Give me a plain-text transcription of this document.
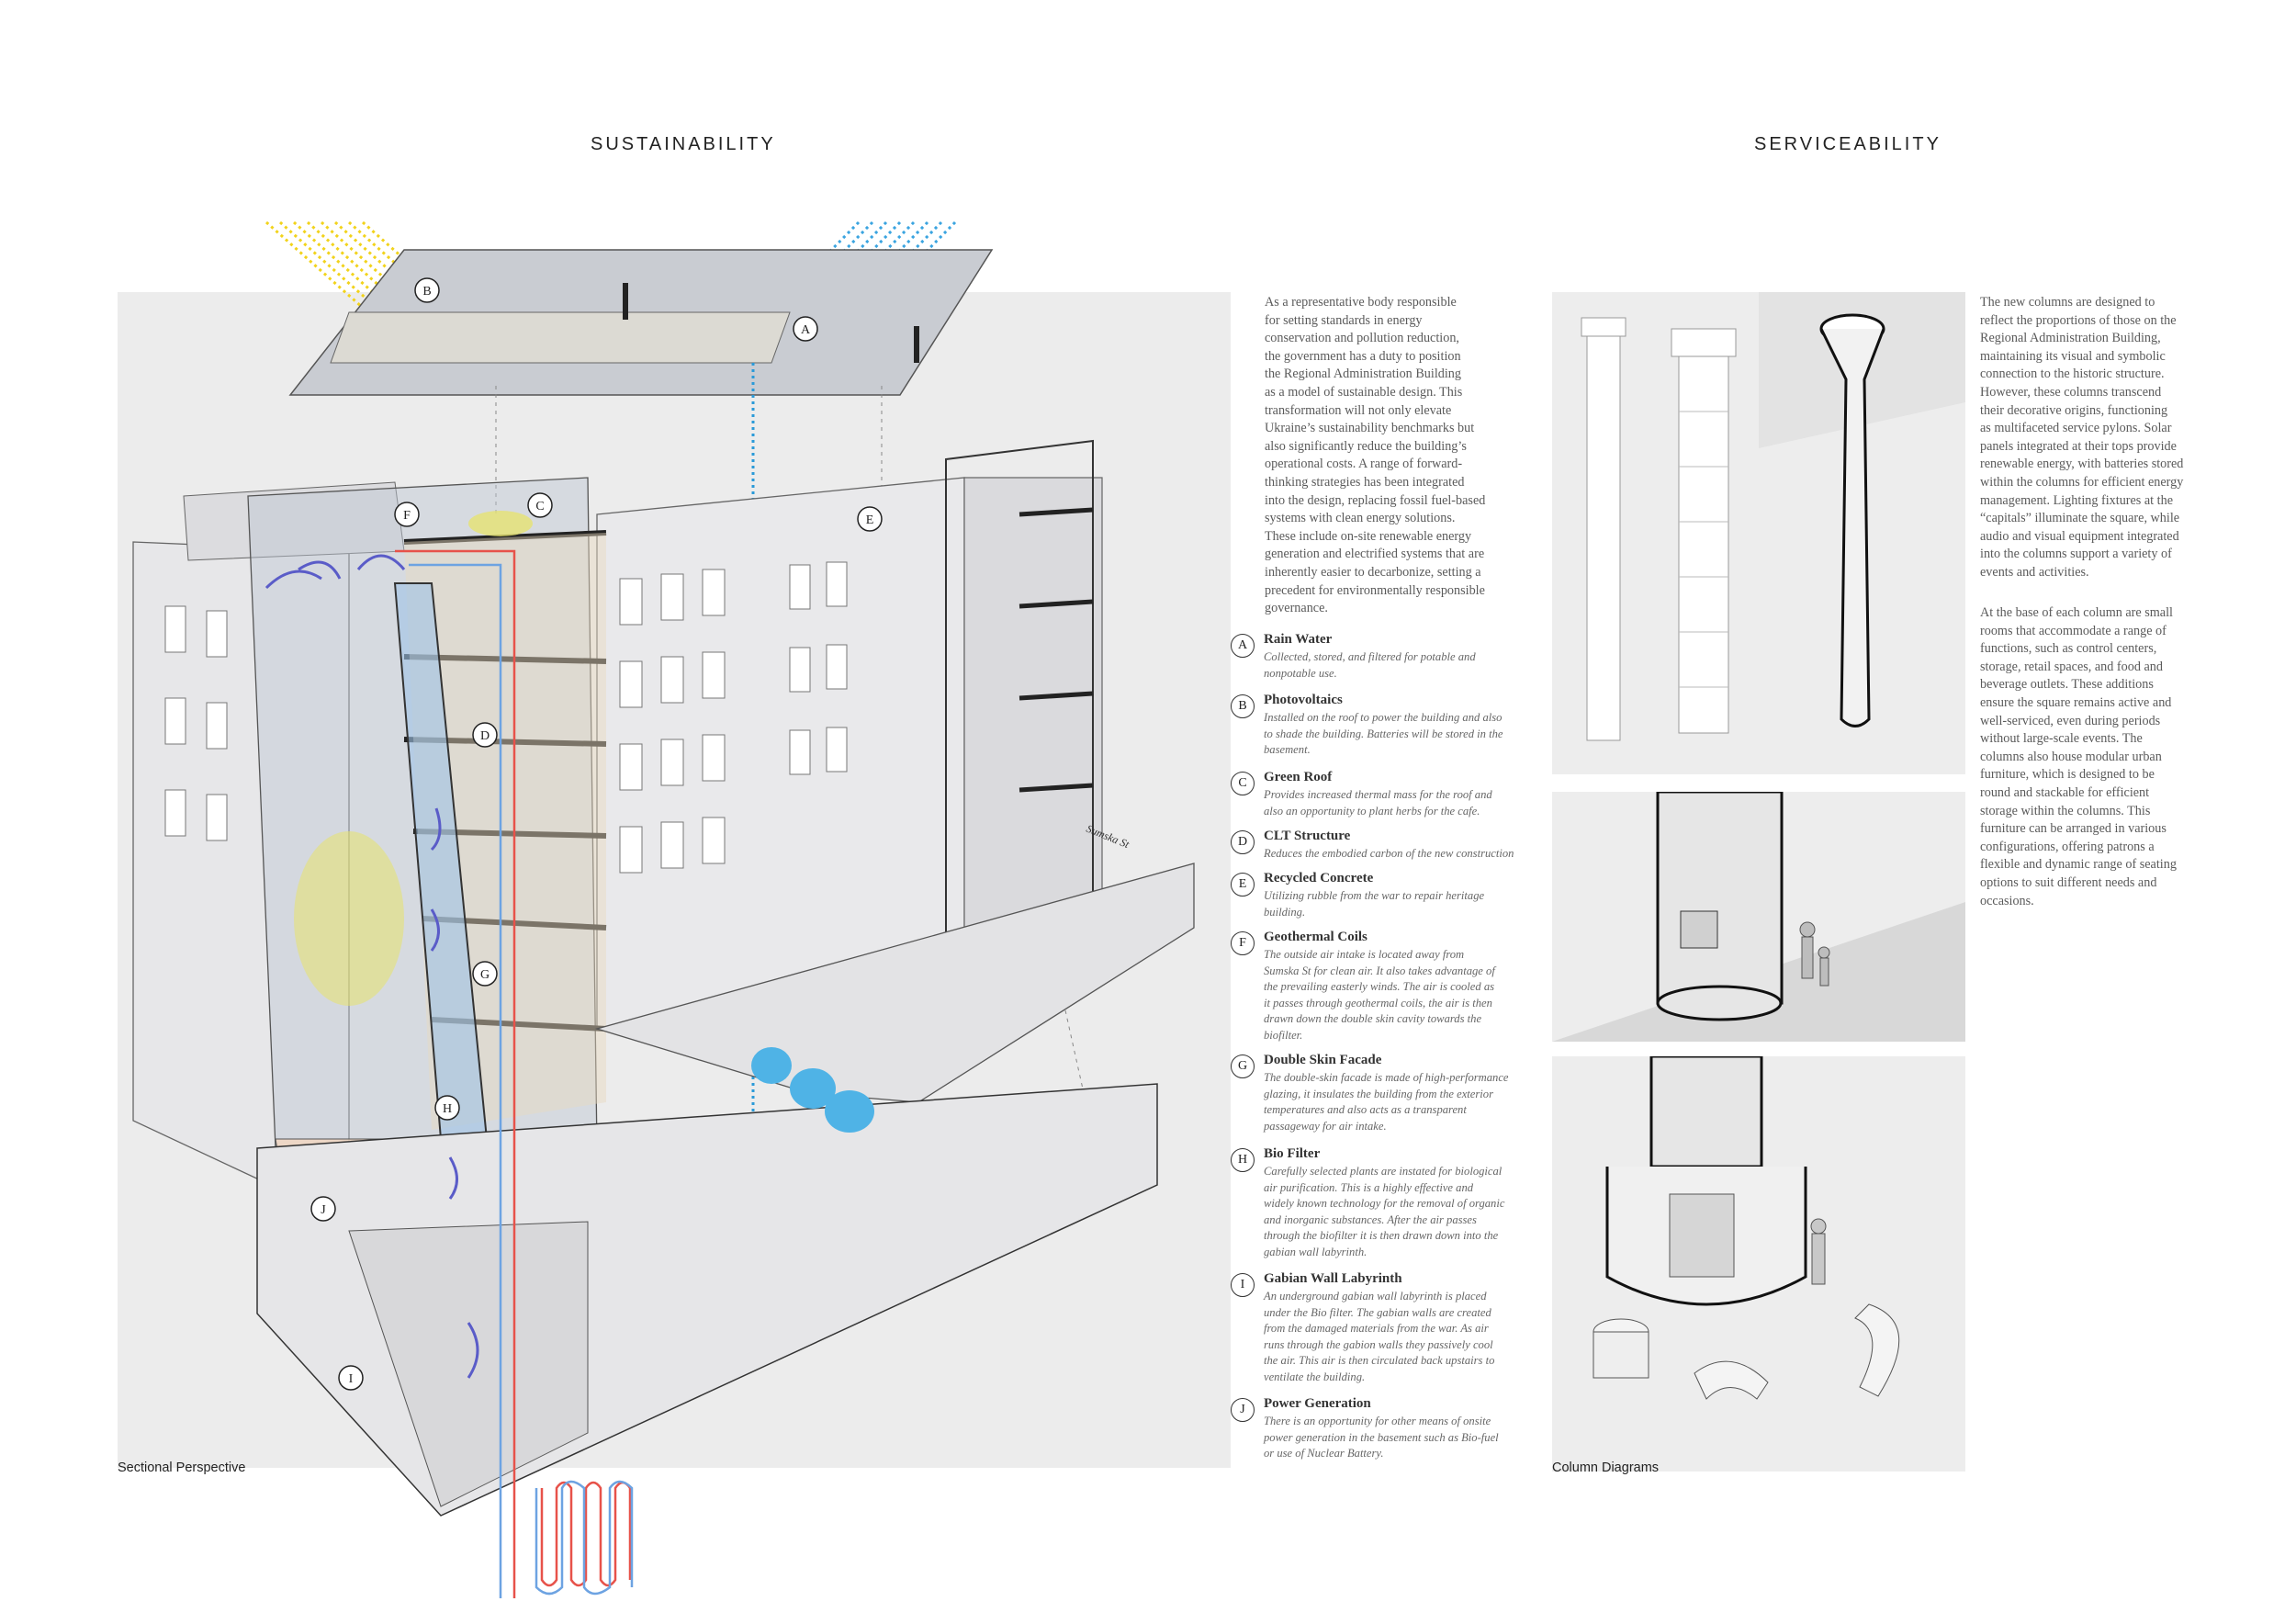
SUSTAINABILITY	SERVICEABILITY
Sumska St
B
A
C
F	E
D
G
H
J
I
Sectional Perspective

As a representative body responsible
for setting standards in energy
conservation and pollution reduction,
the government has a duty to position
the Regional Administration Building
as a model of sustainable design. This
transformation will not only elevate
Ukraine’s sustainability benchmarks but
also significantly reduce the building’s
operational costs. A range of forward-
thinking strategies has been integrated
into the design, replacing fossil fuel-based
systems with clean energy solutions.
These include on-site renewable energy
generation and electrified systems that are
inherently easier to decarbonize, setting a
precedent for environmentally responsible
governance.

A	Rain Water

Collected, stored, and filtered for potable and
nonpotable use.

B	Photovoltaics

Installed on the roof to power the building and also
to shade the building. Batteries will be stored in the
basement.

C	Green Roof

Provides increased thermal mass for the roof and
also an opportunity to plant herbs for the cafe.

D	CLT Structure

Reduces the embodied carbon of the new construction

E	Recycled Concrete

Utilizing rubble from the war to repair heritage
building.

F	Geothermal Coils

The outside air intake is located away from
Sumska St for clean air. It also takes advantage of
the prevailing easterly winds. The air is cooled as
it passes through geothermal coils, the air is then
drawn down the double skin cavity towards the
biofilter.

G	Double Skin Facade

The double-skin facade is made of high-performance
glazing, it insulates the building from the exterior
temperatures and also acts as a transparent
passageway for air intake.

H	Bio Filter

Carefully selected plants are instated for biological
air purification. This is a highly effective and
widely known technology for the removal of organic
and inorganic substances. After the air passes
through the biofilter it is then drawn down into the
gabian wall labyrinth.

I	Gabian Wall Labyrinth

An underground gabian wall labyrinth is placed
under the Bio filter. The gabian walls are created
from the damaged materials from the war. As air
runs through the gabion walls they passively cool
the air. This air is then circulated back upstairs to
ventilate the building.

J	Power Generation

There is an opportunity for other means of onsite
power generation in the basement such as Bio-fuel
or use of Nuclear Battery.

Column Diagrams

The new columns are designed to
reflect the proportions of those on the
Regional Administration Building,
maintaining its visual and symbolic
connection to the historic structure.
However, these columns transcend
their decorative origins, functioning
as multifaceted service pylons. Solar
panels integrated at their tops provide
renewable energy, with batteries stored
within the columns for efficient energy
management. Lighting fixtures at the
“capitals” illuminate the square, while
audio and visual equipment integrated
into the columns support a variety of
events and activities.

At the base of each column are small
rooms that accommodate a range of
functions, such as control centers,
storage, retail spaces, and food and
beverage outlets. These additions
ensure the square remains active and
well-serviced, even during periods
without large-scale events. The
columns also house modular urban
furniture, which is designed to be
round and stackable for efficient
storage within the columns. This
furniture can be arranged in various
configurations, offering patrons a
flexible and dynamic range of seating
options to suit different needs and
occasions.
